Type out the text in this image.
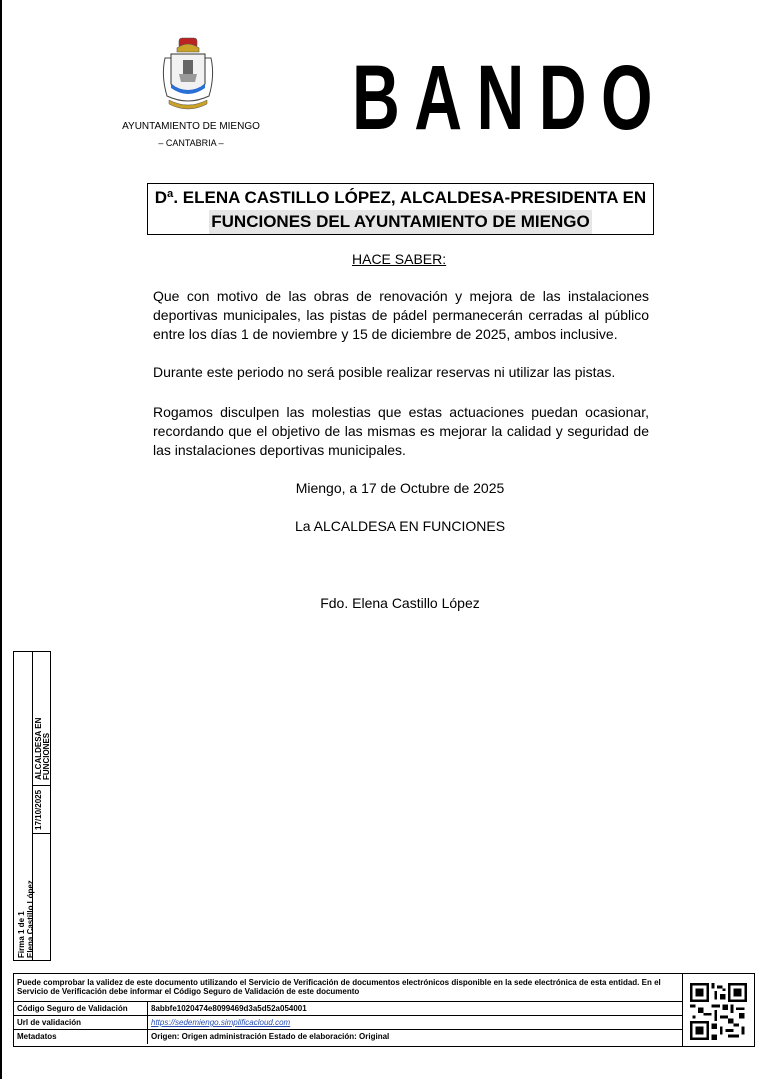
AYUNTAMIENTO DE MIENGO
– CANTABRIA –	BANDO
Dª. ELENA CASTILLO LÓPEZ, ALCALDESA-PRESIDENTA EN
FUNCIONES DEL AYUNTAMIENTO DE MIENGO
HACE SABER:
Que con motivo de las obras de renovación y mejora de las instalaciones deportivas municipales, las pistas de pádel permanecerán cerradas al público entre los días 1 de noviembre y 15 de diciembre de 2025, ambos inclusive.
Durante este periodo no será posible realizar reservas ni utilizar las pistas.
Rogamos disculpen las molestias que estas actuaciones puedan ocasionar, recordando que el objetivo de las mismas es mejorar la calidad y seguridad de las instalaciones deportivas municipales.
Miengo, a 17 de Octubre de 2025
La ALCALDESA EN FUNCIONES
Fdo. Elena Castillo López
Firma 1 de 1 Elena Castillo López
17/10/2025
ALCALDESA EN FUNCIONES
Puede comprobar la validez de este documento utilizando el Servicio de Verificación de documentos electrónicos disponible en la sede electrónica de esta entidad. En el Servicio de Verificación debe informar el Código Seguro de Validación de este documento
Código Seguro de Validación	8abbfe1020474e8099469d3a5d52a054001
Url de validación	https://sedemiengo.simplificacloud.com
Metadatos	Origen: Origen administración Estado de elaboración: Original
